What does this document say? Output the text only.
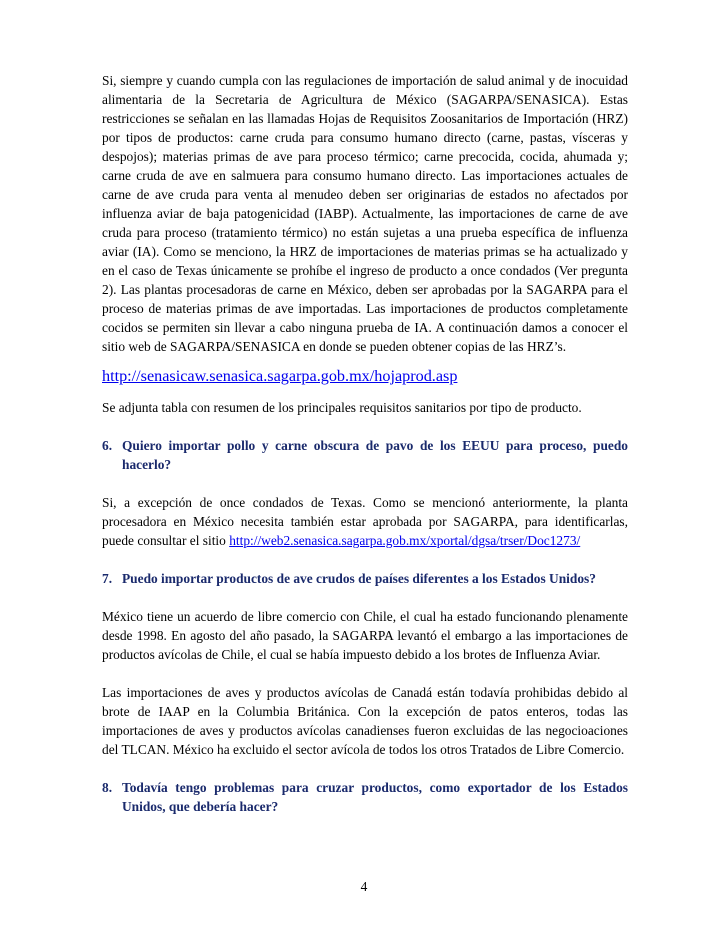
Si, siempre y cuando cumpla con las regulaciones de importación de salud animal y de inocuidad alimentaria de la Secretaria de Agricultura de México (SAGARPA/SENASICA). Estas restricciones se señalan en las llamadas Hojas de Requisitos Zoosanitarios de Importación (HRZ) por tipos de productos: carne cruda para consumo humano directo (carne, pastas, vísceras y despojos); materias primas de ave para proceso térmico; carne precocida, cocida, ahumada y; carne cruda de ave en salmuera para consumo humano directo. Las importaciones actuales de carne de ave cruda para venta al menudeo deben ser originarias de estados no afectados por influenza aviar de baja patogenicidad (IABP). Actualmente, las importaciones de carne de ave cruda para proceso (tratamiento térmico) no están sujetas a una prueba específica de influenza aviar (IA). Como se menciono, la HRZ de importaciones de materias primas se ha actualizado y en el caso de Texas únicamente se prohíbe el ingreso de producto a once condados (Ver pregunta 2). Las plantas procesadoras de carne en México, deben ser aprobadas por la SAGARPA para el proceso de materias primas de ave importadas. Las importaciones de productos completamente cocidos se permiten sin llevar a cabo ninguna prueba de IA. A continuación damos a conocer el sitio web de SAGARPA/SENASICA en donde se pueden obtener copias de las HRZ’s.

http://senasicaw.senasica.sagarpa.gob.mx/hojaprod.asp

Se adjunta tabla con resumen de los principales requisitos sanitarios por tipo de producto.

6. Quiero importar pollo y carne obscura de pavo de los EEUU para proceso, puedo hacerlo?

Si, a excepción de once condados de Texas. Como se mencionó anteriormente, la planta procesadora en México necesita también estar aprobada por SAGARPA, para identificarlas, puede consultar el sitio http://web2.senasica.sagarpa.gob.mx/xportal/dgsa/trser/Doc1273/

7. Puedo importar productos de ave crudos de países diferentes a los Estados Unidos?

México tiene un acuerdo de libre comercio con Chile, el cual ha estado funcionando plenamente desde 1998. En agosto del año pasado, la SAGARPA levantó el embargo a las importaciones de productos avícolas de Chile, el cual se había impuesto debido a los brotes de Influenza Aviar.

Las importaciones de aves y productos avícolas de Canadá están todavía prohibidas debido al brote de IAAP en la Columbia Británica. Con la excepción de patos enteros, todas las importaciones de aves y productos avícolas canadienses fueron excluidas de las negocioaciones del TLCAN. México ha excluido el sector avícola de todos los otros Tratados de Libre Comercio.

8. Todavía tengo problemas para cruzar productos, como exportador de los Estados Unidos, que debería hacer?

4
